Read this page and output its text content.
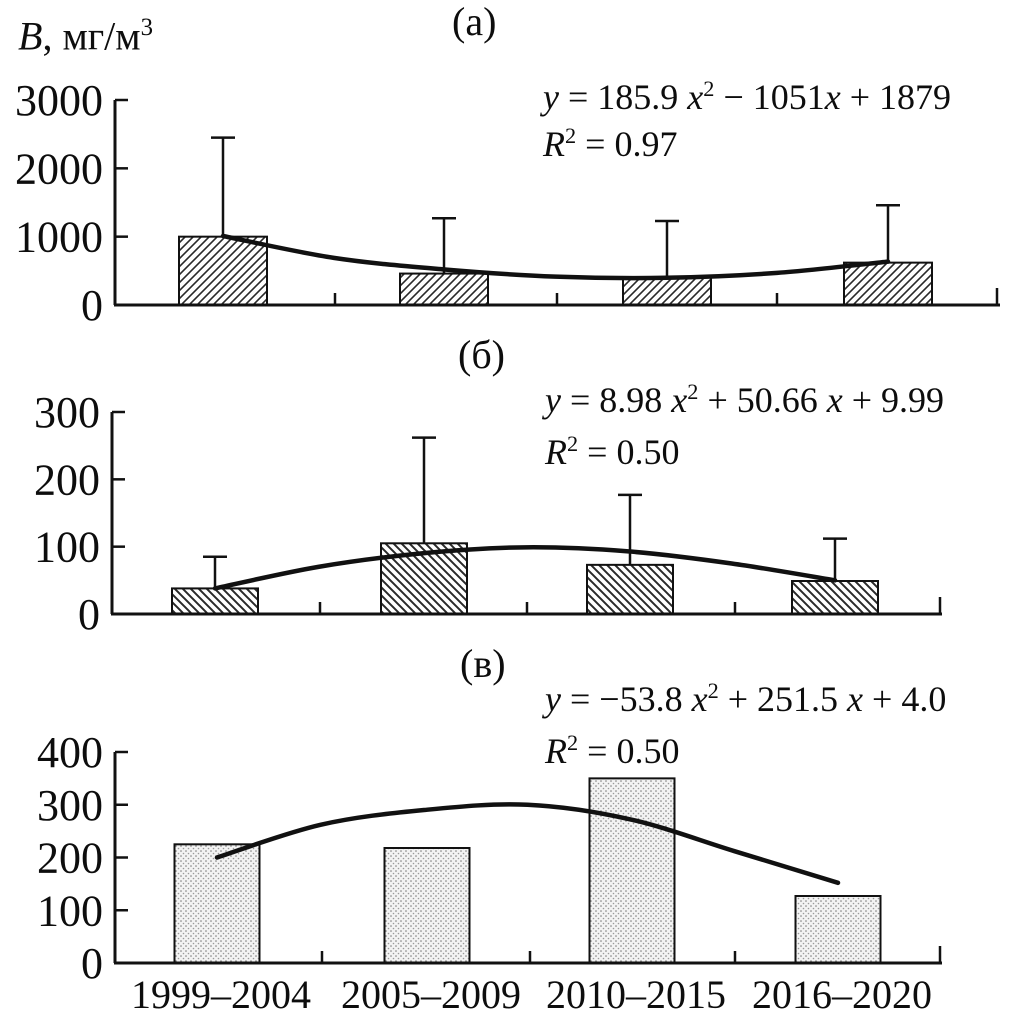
B, $мг/м^3$	(а)
y = 185.9 $x^2 - 1051x + 1879$
$R^2 = 0.97$
0
1000
2000
3000
(б)
y = 8.98 $x^2 + 50.66$ x + 9.99
$R^2 = 0.50$
0
100
200
300
(в)
y = −53.8 $x^2 + 251.5$ x + 4.0
$R^2 = 0.50$
0
100
200
300
400
1999–2004 2005–2009 2010–2015 2016–2020
